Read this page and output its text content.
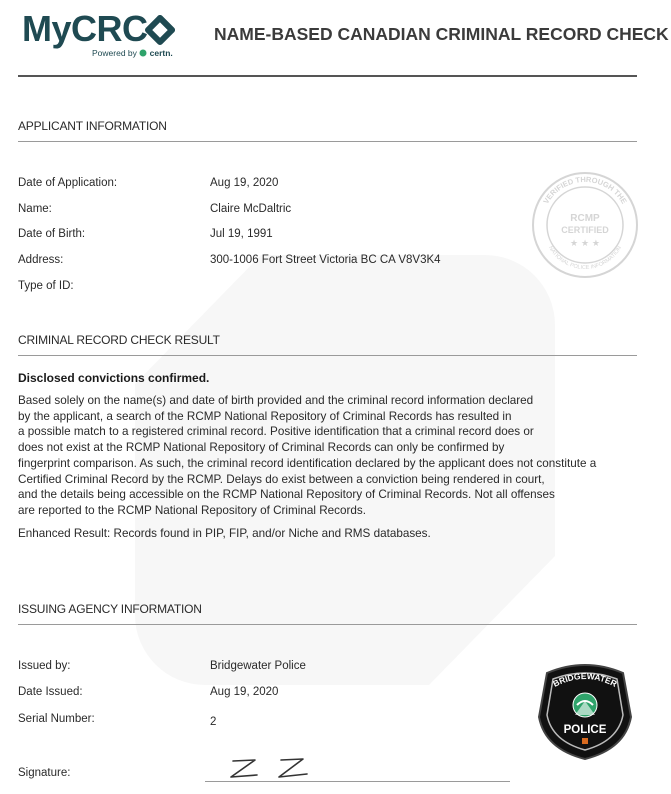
MyCRC
Powered by certn.
NAME-BASED CANADIAN CRIMINAL RECORD CHECK
APPLICANT INFORMATION
Date of Application:	Aug 19, 2020
Name:	Claire McDaltric
Date of Birth:	Jul 19, 1991
Address:	300-1006 Fort Street Victoria BC CA V8V3K4
Type of ID:
VERIFIED THROUGH THE
NATIONAL POLICE INFORMATION
RCMP
CERTIFIED
★ ★ ★
CRIMINAL RECORD CHECK RESULT
Disclosed convictions confirmed.

Based solely on the name(s) and date of birth provided and the criminal record information declared

by the applicant, a search of the RCMP National Repository of Criminal Records has resulted in

a possible match to a registered criminal record. Positive identification that a criminal record does or

does not exist at the RCMP National Repository of Criminal Records can only be confirmed by

fingerprint comparison. As such, the criminal record identification declared by the applicant does not constitute a

Certified Criminal Record by the RCMP. Delays do exist between a conviction being rendered in court,

and the details being accessible on the RCMP National Repository of Criminal Records. Not all offenses

are reported to the RCMP National Repository of Criminal Records.

Enhanced Result: Records found in PIP, FIP, and/or Niche and RMS databases.
ISSUING AGENCY INFORMATION
Issued by:	Bridgewater Police
Date Issued:	Aug 19, 2020
Serial Number:	2
BRIDGEWATER
POLICE
Signature:
